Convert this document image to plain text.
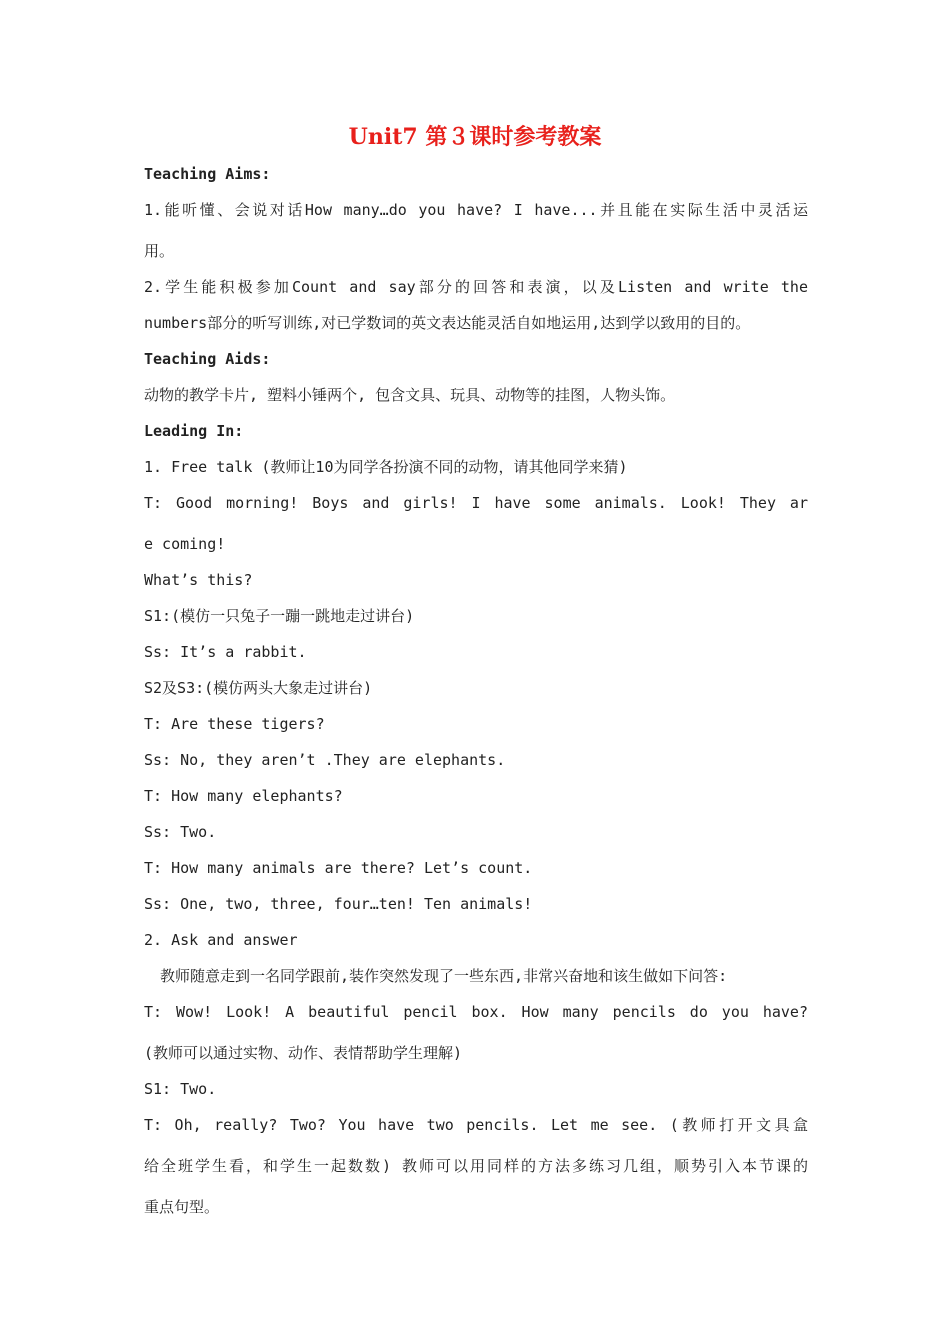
Unit7 第３课时参考教案
Teaching Aims:
1.能听懂、会说对话How many…do you have? I have...并且能在实际生活中灵活运
用。
2.学生能积极参加Count and say部分的回答和表演，以及Listen and write the
numbers部分的听写训练,对已学数词的英文表达能灵活自如地运用,达到学以致用的目的。
Teaching Aids:
动物的教学卡片, 塑料小锤两个, 包含文具、玩具、动物等的挂图，人物头饰。
Leading In:
1. Free talk (教师让10为同学各扮演不同的动物，请其他同学来猜)
T: Good morning! Boys and girls! I have some animals. Look! They ar
e coming!
What’s this?
S1:(模仿一只兔子一蹦一跳地走过讲台)
Ss: It’s a rabbit.
S2及S3:(模仿两头大象走过讲台)
T: Are these tigers?
Ss: No, they aren’t .They are elephants.
T: How many elephants?
Ss: Two.
T: How many animals are there? Let’s count.
Ss: One, two, three, four…ten! Ten animals!
2. Ask and answer
教师随意走到一名同学跟前,装作突然发现了一些东西,非常兴奋地和该生做如下问答:
T: Wow! Look! A beautiful pencil box. How many pencils do you have?
(教师可以通过实物、动作、表情帮助学生理解)
S1: Two.
T: Oh, really? Two? You have two pencils. Let me see. (教师打开文具盒
给全班学生看，和学生一起数数) 教师可以用同样的方法多练习几组，顺势引入本节课的
重点句型。
